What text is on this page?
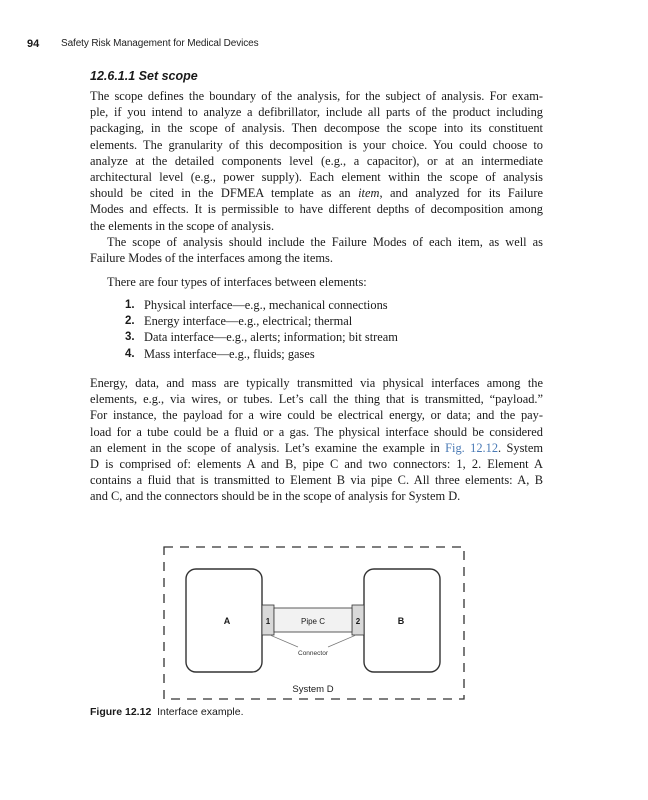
94 Safety Risk Management for Medical Devices
12.6.1.1 Set scope
The scope defines the boundary of the analysis, for the subject of analysis. For exam-
ple, if you intend to analyze a defibrillator, include all parts of the product including
packaging, in the scope of analysis. Then decompose the scope into its constituent
elements. The granularity of this decomposition is your choice. You could choose to
analyze at the detailed components level (e.g., a capacitor), or at an intermediate
architectural level (e.g., power supply). Each element within the scope of analysis
should be cited in the DFMEA template as an item, and analyzed for its Failure
Modes and effects. It is permissible to have different depths of decomposition among
the elements in the scope of analysis.
The scope of analysis should include the Failure Modes of each item, as well as
Failure Modes of the interfaces among the items.
There are four types of interfaces between elements:
1. Physical interface—e.g., mechanical connections
2. Energy interface—e.g., electrical; thermal
3. Data interface—e.g., alerts; information; bit stream
4. Mass interface—e.g., fluids; gases
Energy, data, and mass are typically transmitted via physical interfaces among the
elements, e.g., via wires, or tubes. Let’s call the thing that is transmitted, “payload.”
For instance, the payload for a wire could be electrical energy, or data; and the pay-
load for a tube could be a fluid or a gas. The physical interface should be considered
an element in the scope of analysis. Let’s examine the example in Fig. 12.12. System
D is comprised of: elements A and B, pipe C and two connectors: 1, 2. Element A
contains a fluid that is transmitted to Element B via pipe C. All three elements: A, B
and C, and the connectors should be in the scope of analysis for System D.
A	B
1	2
Pipe C
Connector
System D
Figure 12.12 Interface example.
